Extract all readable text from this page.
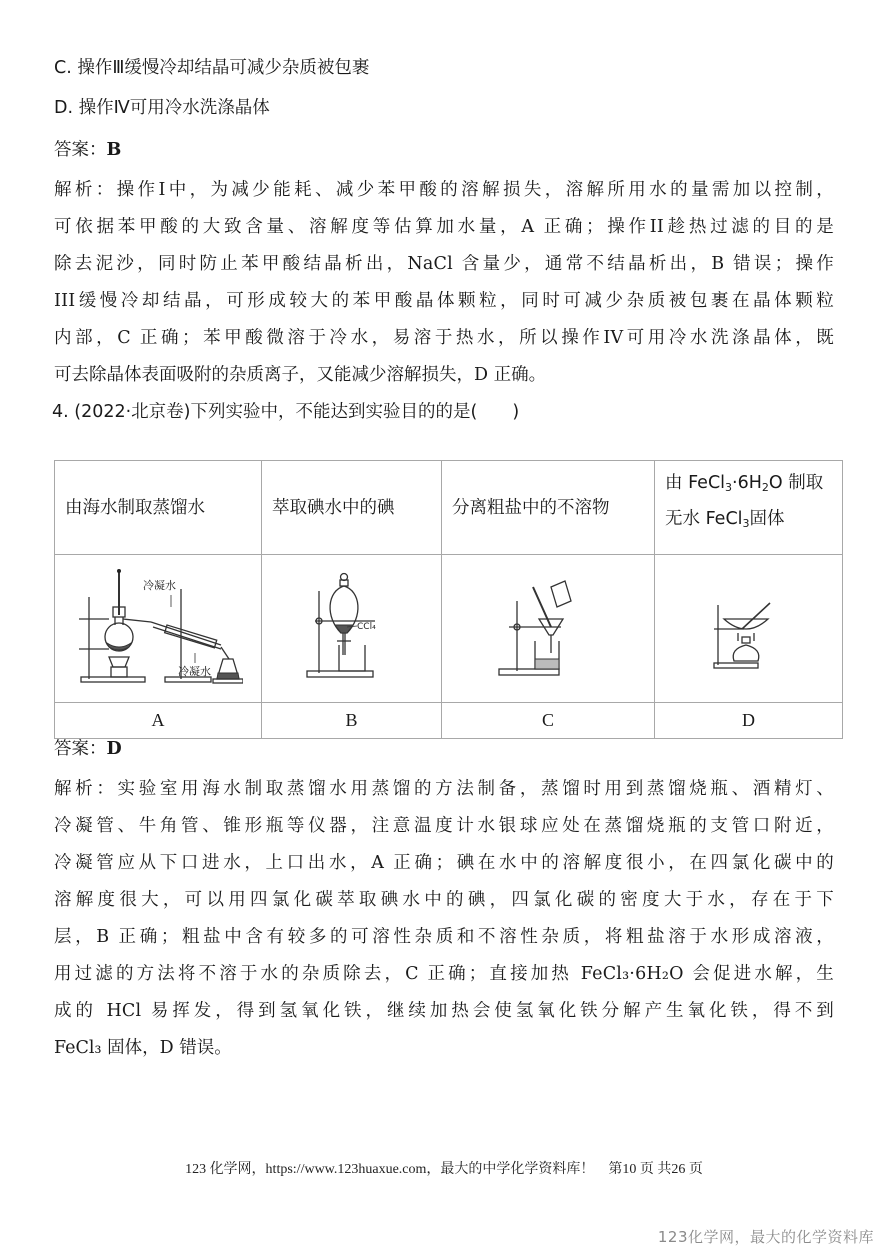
C. 操作Ⅲ缓慢冷却结晶可减少杂质被包裹
D. 操作Ⅳ可用冷水洗涤晶体
答案：B
解析：操作I中，为减少能耗、减少苯甲酸的溶解损失，溶解所用水的量需加以控制，
可依据苯甲酸的大致含量、溶解度等估算加水量，A 正确；操作II趁热过滤的目的是
除去泥沙，同时防止苯甲酸结晶析出，NaCl 含量少，通常不结晶析出，B 错误；操作
III缓慢冷却结晶，可形成较大的苯甲酸晶体颗粒，同时可减少杂质被包裹在晶体颗粒
内部，C 正确；苯甲酸微溶于冷水，易溶于热水，所以操作IV可用冷水洗涤晶体，既
可去除晶体表面吸附的杂质离子，又能减少溶解损失，D 正确。
4. (2022·北京卷)下列实验中，不能达到实验目的的是(　　)
由海水制取蒸馏水	萃取碘水中的碘	分离粗盐中的不溶物	由 $FeCl_3\cdot 6H_2O$ 制取
无水 FeCl$_3$固体

冷凝水
冷凝水	CCl₄

A	B	C	D
答案：D
解析：实验室用海水制取蒸馏水用蒸馏的方法制备，蒸馏时用到蒸馏烧瓶、酒精灯、
冷凝管、牛角管、锥形瓶等仪器，注意温度计水银球应处在蒸馏烧瓶的支管口附近，
冷凝管应从下口进水，上口出水，A 正确；碘在水中的溶解度很小，在四氯化碳中的
溶解度很大，可以用四氯化碳萃取碘水中的碘，四氯化碳的密度大于水，存在于下
层，B 正确；粗盐中含有较多的可溶性杂质和不溶性杂质，将粗盐溶于水形成溶液，
用过滤的方法将不溶于水的杂质除去，C 正确；直接加热 FeCl₃·6H₂O 会促进水解，生
成的 HCl 易挥发，得到氢氧化铁，继续加热会使氢氧化铁分解产生氧化铁，得不到
FeCl₃ 固体，D 错误。
123 化学网，https://www.123huaxue.com，最大的中学化学资料库！　第10 页 共26 页
123化学网，最大的化学资料库
